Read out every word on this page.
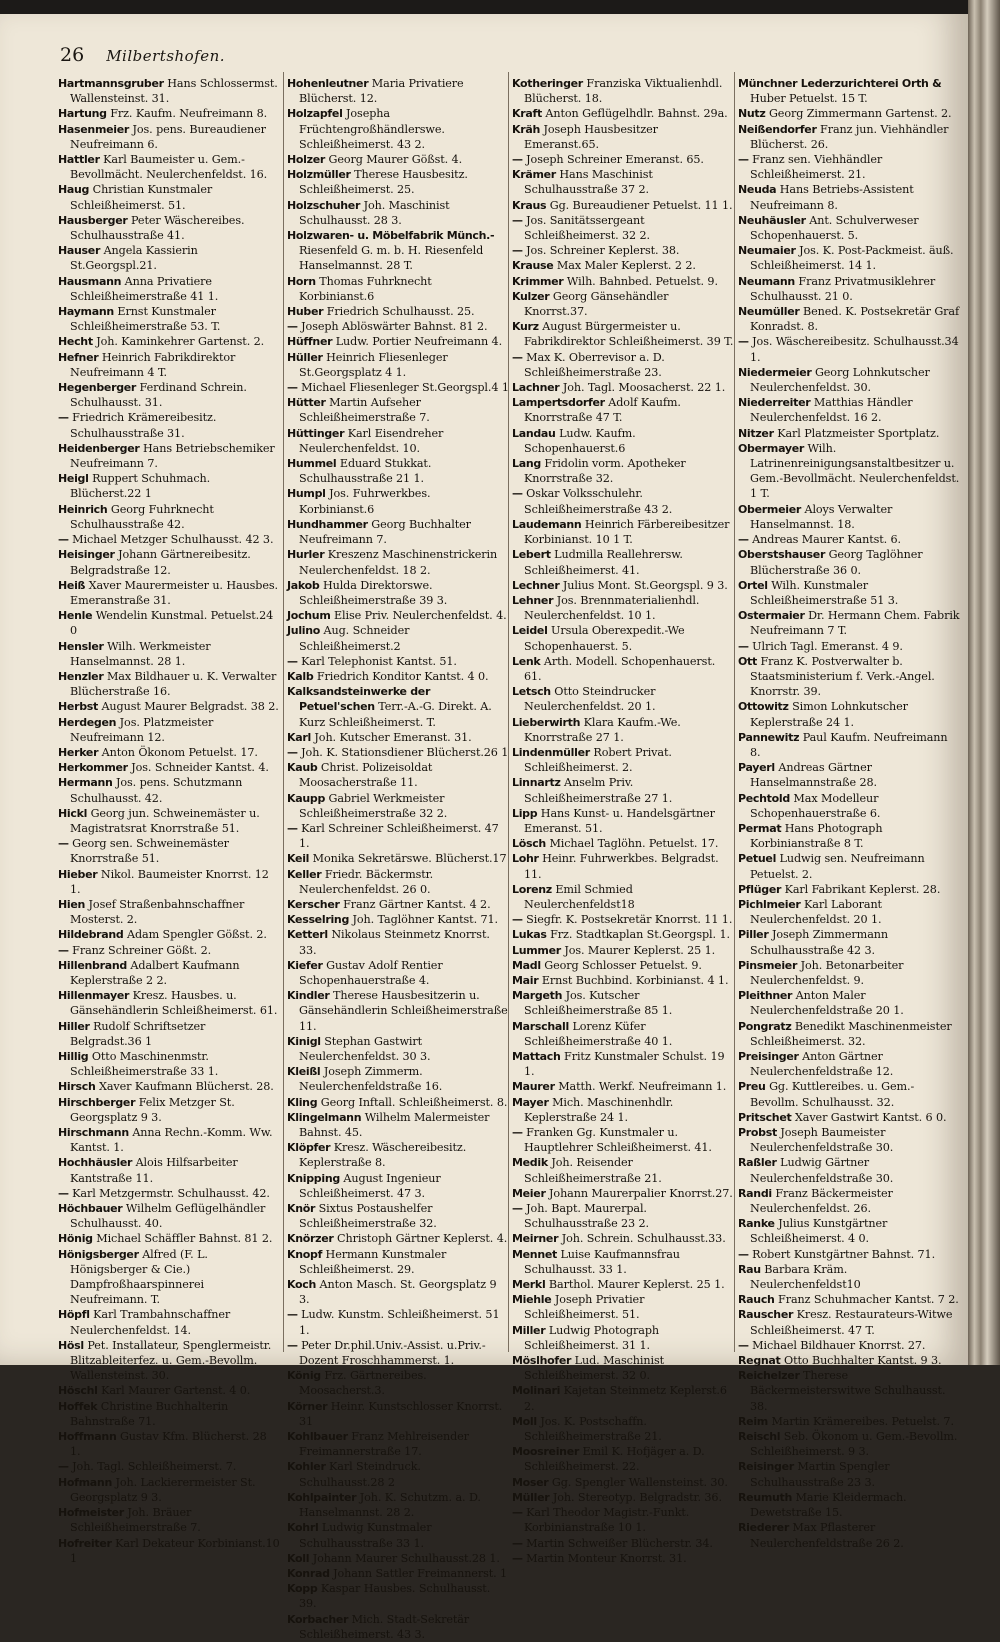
26 Milbertshofen.

Hartmannsgruber Hans Schlossermst. Wallensteinst. 31.

Hartung Frz. Kaufm. Neufreimann 8.

Hasenmeier Jos. pens. Bureaudiener Neufreimann 6.

Hattler Karl Baumeister u. Gem.-Bevollmächt. Neulerchenfeldst. 16.

Haug Christian Kunstmaler Schleißheimerst. 51.

Hausberger Peter Wäschereibes. Schulhausstraße 41.

Hauser Angela Kassierin St.Georgspl.21.

Hausmann Anna Privatiere Schleißheimerstraße 41 1.

Haymann Ernst Kunstmaler Schleißheimerstraße 53. T.

Hecht Joh. Kaminkehrer Gartenst. 2.

Hefner Heinrich Fabrikdirektor Neufreimann 4 T.

Hegenberger Ferdinand Schrein. Schulhausst. 31.

— Friedrich Krämereibesitz. Schulhausstraße 31.

Heidenberger Hans Betriebschemiker Neufreimann 7.

Heigl Ruppert Schuhmach. Blücherst.22 1

Heinrich Georg Fuhrknecht Schulhausstraße 42.

— Michael Metzger Schulhausst. 42 3.

Heisinger Johann Gärtnereibesitz. Belgradstraße 12.

Heiß Xaver Maurermeister u. Hausbes. Emeranstraße 31.

Henle Wendelin Kunstmal. Petuelst.24 0

Hensler Wilh. Werkmeister Hanselmannst. 28 1.

Henzler Max Bildhauer u. K. Verwalter Blücherstraße 16.

Herbst August Maurer Belgradst. 38 2.

Herdegen Jos. Platzmeister Neufreimann 12.

Herker Anton Ökonom Petuelst. 17.

Herkommer Jos. Schneider Kantst. 4.

Hermann Jos. pens. Schutzmann Schulhausst. 42.

Hickl Georg jun. Schweinemäster u. Magistratsrat Knorrstraße 51.

— Georg sen. Schweinemäster Knorrstraße 51.

Hieber Nikol. Baumeister Knorrst. 12 1.

Hien Josef Straßenbahnschaffner Mosterst. 2.

Hildebrand Adam Spengler Gößst. 2.

— Franz Schreiner Gößt. 2.

Hillenbrand Adalbert Kaufmann Keplerstraße 2 2.

Hillenmayer Kresz. Hausbes. u. Gänsehändlerin Schleißheimerst. 61.

Hiller Rudolf Schriftsetzer Belgradst.36 1

Hillig Otto Maschinenmstr. Schleißheimerstraße 33 1.

Hirsch Xaver Kaufmann Blücherst. 28.

Hirschberger Felix Metzger St. Georgsplatz 9 3.

Hirschmann Anna Rechn.-Komm. Ww. Kantst. 1.

Hochhäusler Alois Hilfsarbeiter Kantstraße 11.

— Karl Metzgermstr. Schulhausst. 42.

Höchbauer Wilhelm Geflügelhändler Schulhausst. 40.

Hönig Michael Schäffler Bahnst. 81 2.

Hönigsberger Alfred (F. L. Hönigsberger & Cie.) Dampfroßhaarspinnerei Neufreimann. T.

Höpfl Karl Trambahnschaffner Neulerchenfeldst. 14.

Hösl Pet. Installateur, Spenglermeistr. Blitzableiterfez. u. Gem.-Bevollm. Wallensteinst. 30.

Höschl Karl Maurer Gartenst. 4 0.

Hoffek Christine Buchhalterin Bahnstraße 71.

Hoffmann Gustav Kfm. Blücherst. 28 1.

— Joh. Tagl. Schleißheimerst. 7.

Hofmann Joh. Lackierermeister St. Georgsplatz 9 3.

Hofmeister Joh. Bräuer Schleißheimerstraße 7.

Hofreiter Karl Dekateur Korbinianst.10 1

Hohenleutner Maria Privatiere Blücherst. 12.

Holzapfel Josepha Früchtengroßhändlerswe. Schleißheimerst. 43 2.

Holzer Georg Maurer Gößst. 4.

Holzmüller Therese Hausbesitz. Schleißheimerst. 25.

Holzschuher Joh. Maschinist Schulhausst. 28 3.

Holzwaren- u. Möbelfabrik Münch.- Riesenfeld G. m. b. H. Riesenfeld Hanselmannst. 28 T.

Horn Thomas Fuhrknecht Korbinianst.6

Huber Friedrich Schulhausst. 25.

— Joseph Ablöswärter Bahnst. 81 2.

Hüffner Ludw. Portier Neufreimann 4.

Hüller Heinrich Fliesenleger St.Georgsplatz 4 1.

— Michael Fliesenleger St.Georgspl.4 1

Hütter Martin Aufseher Schleißheimerstraße 7.

Hüttinger Karl Eisendreher Neulerchenfeldst. 10.

Hummel Eduard Stukkat. Schulhausstraße 21 1.

Humpl Jos. Fuhrwerkbes. Korbinianst.6

Hundhammer Georg Buchhalter Neufreimann 7.

Hurler Kreszenz Maschinenstrickerin Neulerchenfeldst. 18 2.

Jakob Hulda Direktorswe. Schleißheimerstraße 39 3.

Jochum Elise Priv. Neulerchenfeldst. 4.

Julino Aug. Schneider Schleißheimerst.2

— Karl Telephonist Kantst. 51.

Kalb Friedrich Konditor Kantst. 4 0.

Kalksandsteinwerke der Petuel'schen Terr.-A.-G. Direkt. A. Kurz Schleißheimerst. T.

Karl Joh. Kutscher Emeranst. 31.

— Joh. K. Stationsdiener Blücherst.26 1

Kaub Christ. Polizeisoldat Moosacherstraße 11.

Kaupp Gabriel Werkmeister Schleißheimerstraße 32 2.

— Karl Schreiner Schleißheimerst. 47 1.

Keil Monika Sekretärswe. Blücherst.17

Keller Friedr. Bäckermstr. Neulerchenfeldst. 26 0.

Kerscher Franz Gärtner Kantst. 4 2.

Kesselring Joh. Taglöhner Kantst. 71.

Ketterl Nikolaus Steinmetz Knorrst. 33.

Kiefer Gustav Adolf Rentier Schopenhauerstraße 4.

Kindler Therese Hausbesitzerin u. Gänsehändlerin Schleißheimerstraße 11.

Kinigl Stephan Gastwirt Neulerchenfeldst. 30 3.

Kleißl Joseph Zimmerm. Neulerchenfeldstraße 16.

Kling Georg Inftall. Schleißheimerst. 8.

Klingelmann Wilhelm Malermeister Bahnst. 45.

Klöpfer Kresz. Wäschereibesitz. Keplerstraße 8.

Knipping August Ingenieur Schleißheimerst. 47 3.

Knör Sixtus Postaushelfer Schleißheimerstraße 32.

Knörzer Christoph Gärtner Keplerst. 4.

Knopf Hermann Kunstmaler Schleißheimerst. 29.

Koch Anton Masch. St. Georgsplatz 9 3.

— Ludw. Kunstm. Schleißheimerst. 51 1.

— Peter Dr.phil.Univ.-Assist. u.Priv.-Dozent Froschhammerst. 1.

König Frz. Gärtnereibes. Moosacherst.3.

Körner Heinr. Kunstschlosser Knorrst. 31

Kohlbauer Franz Mehlreisender Freimannerstraße 17.

Kohler Karl Steindruck. Schulhausst.28 2

Kohlpainter Joh. K. Schutzm. a. D. Hanselmannst. 28 2.

Kohrl Ludwig Kunstmaler Schulhausstraße 33 1.

Koll Johann Maurer Schulhausst.28 1.

Konrad Johann Sattler Freimannerst. 1

Kopp Kaspar Hausbes. Schulhausst. 39.

Korbacher Mich. Stadt-Sekretär Schleißheimerst. 43 3.

Kotheringer Franziska Viktualienhdl. Blücherst. 18.

Kraft Anton Geflügelhdlr. Bahnst. 29a.

Kräh Joseph Hausbesitzer Emeranst.65.

— Joseph Schreiner Emeranst. 65.

Krämer Hans Maschinist Schulhausstraße 37 2.

Kraus Gg. Bureaudiener Petuelst. 11 1.

— Jos. Sanitätssergeant Schleißheimerst. 32 2.

— Jos. Schreiner Keplerst. 38.

Krause Max Maler Keplerst. 2 2.

Krimmer Wilh. Bahnbed. Petuelst. 9.

Kulzer Georg Gänsehändler Knorrst.37.

Kurz August Bürgermeister u. Fabrikdirektor Schleißheimerst. 39 T.

— Max K. Oberrevisor a. D. Schleißheimerstraße 23.

Lachner Joh. Tagl. Moosacherst. 22 1.

Lampertsdorfer Adolf Kaufm. Knorrstraße 47 T.

Landau Ludw. Kaufm. Schopenhauerst.6

Lang Fridolin vorm. Apotheker Knorrstraße 32.

— Oskar Volksschulehr. Schleißheimerstraße 43 2.

Laudemann Heinrich Färbereibesitzer Korbinianst. 10 1 T.

Lebert Ludmilla Reallehrersw. Schleißheimerst. 41.

Lechner Julius Mont. St.Georgspl. 9 3.

Lehner Jos. Brennmaterialienhdl. Neulerchenfeldst. 10 1.

Leidel Ursula Oberexpedit.-We Schopenhauerst. 5.

Lenk Arth. Modell. Schopenhauerst. 61.

Letsch Otto Steindrucker Neulerchenfeldst. 20 1.

Lieberwirth Klara Kaufm.-We. Knorrstraße 27 1.

Lindenmüller Robert Privat. Schleißheimerst. 2.

Linnartz Anselm Priv. Schleißheimerstraße 27 1.

Lipp Hans Kunst- u. Handelsgärtner Emeranst. 51.

Lösch Michael Taglöhn. Petuelst. 17.

Lohr Heinr. Fuhrwerkbes. Belgradst. 11.

Lorenz Emil Schmied Neulerchenfeldst18

— Siegfr. K. Postsekretär Knorrst. 11 1.

Lukas Frz. Stadtkaplan St.Georgspl. 1.

Lummer Jos. Maurer Keplerst. 25 1.

Madl Georg Schlosser Petuelst. 9.

Mair Ernst Buchbind. Korbinianst. 4 1.

Margeth Jos. Kutscher Schleißheimerstraße 85 1.

Marschall Lorenz Küfer Schleißheimerstraße 40 1.

Mattach Fritz Kunstmaler Schulst. 19 1.

Maurer Matth. Werkf. Neufreimann 1.

Mayer Mich. Maschinenhdlr. Keplerstraße 24 1.

— Franken Gg. Kunstmaler u. Hauptlehrer Schleißheimerst. 41.

Medik Joh. Reisender Schleißheimerstraße 21.

Meier Johann Maurerpalier Knorrst.27.

— Joh. Bapt. Maurerpal. Schulhausstraße 23 2.

Meirner Joh. Schrein. Schulhausst.33.

Mennet Luise Kaufmannsfrau Schulhausst. 33 1.

Merkl Barthol. Maurer Keplerst. 25 1.

Miehle Joseph Privatier Schleißheimerst. 51.

Miller Ludwig Photograph Schleißheimerst. 31 1.

Möslhofer Lud. Maschinist Schleißheimerst. 32 0.

Molinari Kajetan Steinmetz Keplerst.6 2.

Moll Jos. K. Postschaffn. Schleißheimerstraße 21.

Moosreiner Emil K. Hofjäger a. D. Schleißheimerst. 22.

Moser Gg. Spengler Wallensteinst. 30.

Müller Joh. Stereotyp. Belgradstr. 36.

— Karl Theodor Magistr.-Funkt. Korbinianstraße 10 1.

— Martin Schweißer Blücherstr. 34.

— Martin Monteur Knorrst. 31.

Münchner Lederzurichterei Orth & Huber Petuelst. 15 T.

Nutz Georg Zimmermann Gartenst. 2.

Neißendorfer Franz jun. Viehhändler Blücherst. 26.

— Franz sen. Viehhändler Schleißheimerst. 21.

Neuda Hans Betriebs-Assistent Neufreimann 8.

Neuhäusler Ant. Schulverweser Schopenhauerst. 5.

Neumaier Jos. K. Post-Packmeist. äuß. Schleißheimerst. 14 1.

Neumann Franz Privatmusiklehrer Schulhausst. 21 0.

Neumüller Bened. K. Postsekretär Graf Konradst. 8.

— Jos. Wäschereibesitz. Schulhausst.34 1.

Niedermeier Georg Lohnkutscher Neulerchenfeldst. 30.

Niederreiter Matthias Händler Neulerchenfeldst. 16 2.

Nitzer Karl Platzmeister Sportplatz.

Obermayer Wilh. Latrinenreinigungsanstaltbesitzer u. Gem.-Bevollmächt. Neulerchenfeldst. 1 T.

Obermeier Aloys Verwalter Hanselmannst. 18.

— Andreas Maurer Kantst. 6.

Oberstshauser Georg Taglöhner Blücherstraße 36 0.

Ortel Wilh. Kunstmaler Schleißheimerstraße 51 3.

Ostermaier Dr. Hermann Chem. Fabrik Neufreimann 7 T.

— Ulrich Tagl. Emeranst. 4 9.

Ott Franz K. Postverwalter b. Staatsministerium f. Verk.-Angel. Knorrstr. 39.

Ottowitz Simon Lohnkutscher Keplerstraße 24 1.

Pannewitz Paul Kaufm. Neufreimann 8.

Payerl Andreas Gärtner Hanselmannstraße 28.

Pechtold Max Modelleur Schopenhauerstraße 6.

Permat Hans Photograph Korbinianstraße 8 T.

Petuel Ludwig sen. Neufreimann Petuelst. 2.

Pflüger Karl Fabrikant Keplerst. 28.

Pichlmeier Karl Laborant Neulerchenfeldst. 20 1.

Piller Joseph Zimmermann Schulhausstraße 42 3.

Pinsmeier Joh. Betonarbeiter Neulerchenfeldst. 9.

Pleithner Anton Maler Neulerchenfeldstraße 20 1.

Pongratz Benedikt Maschinenmeister Schleißheimerst. 32.

Preisinger Anton Gärtner Neulerchenfeldstraße 12.

Preu Gg. Kuttlereibes. u. Gem.-Bevollm. Schulhausst. 32.

Pritschet Xaver Gastwirt Kantst. 6 0.

Probst Joseph Baumeister Neulerchenfeldstraße 30.

Raßler Ludwig Gärtner Neulerchenfeldstraße 30.

Randi Franz Bäckermeister Neulerchenfeldst. 26.

Ranke Julius Kunstgärtner Schleißheimerst. 4 0.

— Robert Kunstgärtner Bahnst. 71.

Rau Barbara Kräm. Neulerchenfeldst10

Rauch Franz Schuhmacher Kantst. 7 2.

Rauscher Kresz. Restaurateurs-Witwe Schleißheimerst. 47 T.

— Michael Bildhauer Knorrst. 27.

Regnat Otto Buchhalter Kantst. 9 3.

Reichelzer Therese Bäckermeisterswitwe Schulhausst. 38.

Reim Martin Krämereibes. Petuelst. 7.

Reischl Seb. Ökonom u. Gem.-Bevollm. Schleißheimerst. 9 3.

Reisinger Martin Spengler Schulhausstraße 23 3.

Reumuth Marie Kleidermach. Dewetstraße 15.

Riederer Max Pflasterer Neulerchenfeldstraße 26 2.
